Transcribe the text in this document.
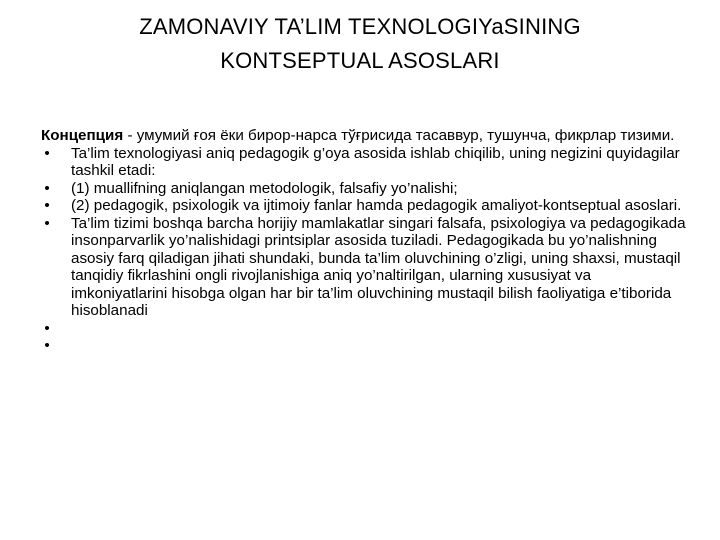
ZAMONAVIY TA’LIM TEXNOLOGIYaSINING
KONTSEPTUAL ASOSLARI

Концепция - умумий ғоя ёки бирор-нарса тўғрисида тасаввур, тушунча, фикрлар тизими.

• Ta’lim texnologiyasi aniq pedagogik g’oya asosida ishlab chiqilib, uning negizini quyidagilar tashkil etadi:
• (1) muallifning aniqlangan metodologik, falsafiy yo’nalishi;
• (2) pedagogik, psixologik va ijtimoiy fanlar hamda pedagogik amaliyot-kontseptual asoslari.
• Ta’lim tizimi boshqa barcha horijiy mamlakatlar singari falsafa, psixologiya va pedagogikada insonparvarlik yo’nalishidagi printsiplar asosida tuziladi. Pedagogikada bu yo’nalishning asosiy farq qiladigan jihati shundaki, bunda ta’lim oluvchining o’zligi, uning shaxsi, mustaqil tanqidiy fikrlashini ongli rivojlanishiga aniq yo’naltirilgan, ularning xususiyat va imkoniyatlarini hisobga olgan har bir ta’lim oluvchining mustaqil bilish faoliyatiga e’tiborida hisoblanadi
•
•
